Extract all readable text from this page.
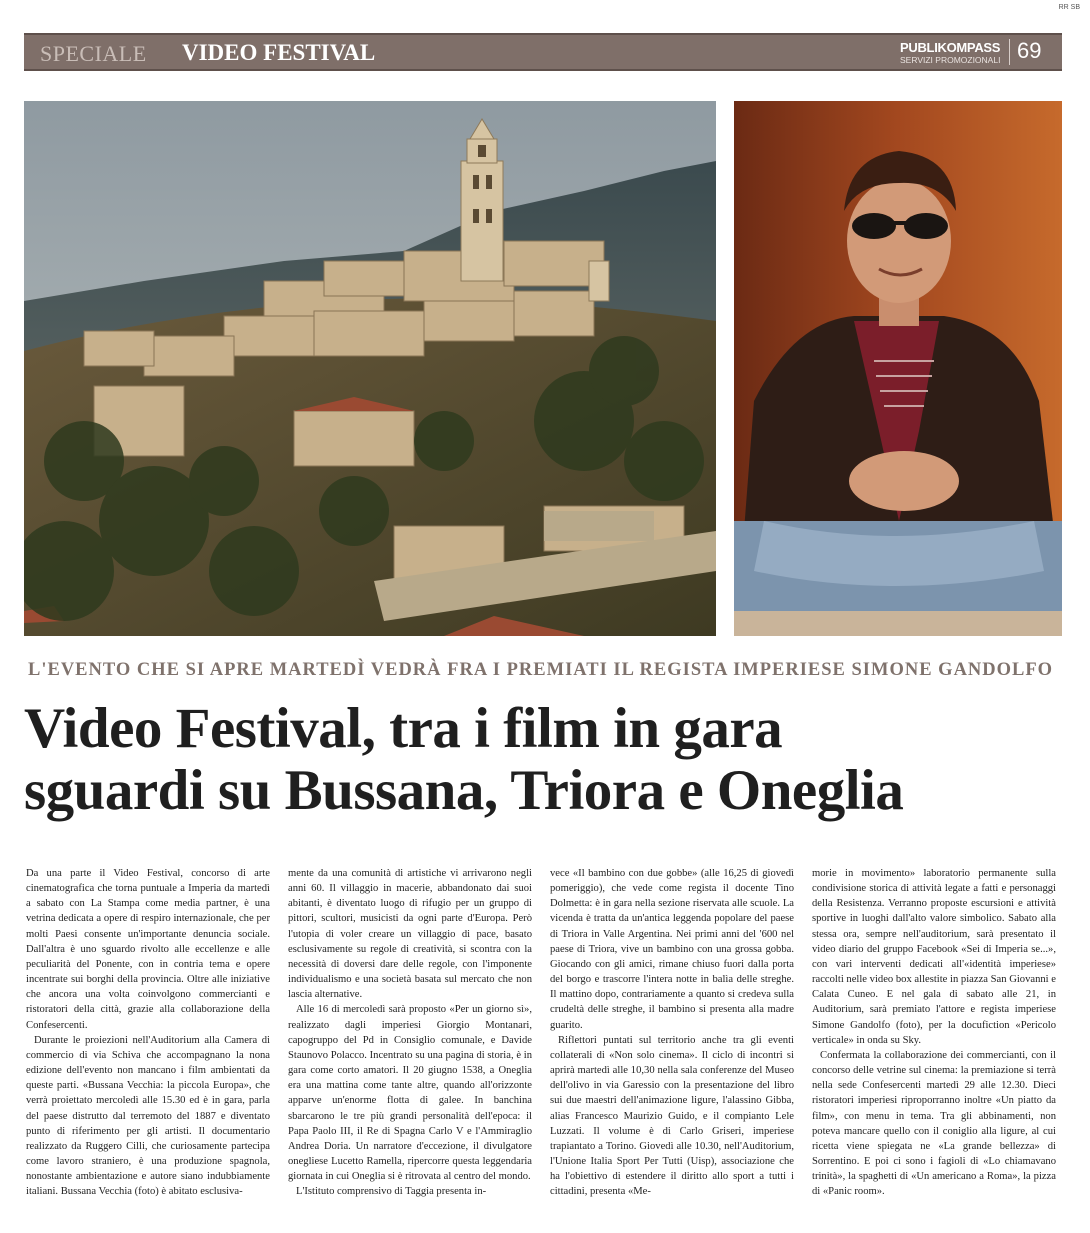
RR SB
SPECIALE VIDEO FESTIVAL	PUBLIKOMPASS
SERVIZI PROMOZIONALI 69
L'EVENTO CHE SI APRE MARTEDÌ VEDRÀ FRA I PREMIATI IL REGISTA IMPERIESE SIMONE GANDOLFO
Video Festival, tra i film in gara
sguardi su Bussana, Triora e Oneglia

Da una parte il Video Festival, concorso di arte cinematografica che torna puntuale a Imperia da martedì a sabato con La Stampa come media partner, è una vetrina dedicata a opere di respiro internazionale, che per molti Paesi consente un'importante denuncia sociale. Dall'altra è uno sguardo rivolto alle eccellenze e alle peculiarità del Ponente, con in contria tema e opere incentrate sui borghi della provincia. Oltre alle iniziative che ancora una volta coinvolgono commercianti e ristoratori della città, grazie alla collaborazione della Confesercenti.

Durante le proiezioni nell'Auditorium alla Camera di commercio di via Schiva che accompagnano la nona edizione dell'evento non mancano i film ambientati da queste parti. «Bussana Vecchia: la piccola Europa», che verrà proiettato mercoledì alle 15.30 ed è in gara, parla del paese distrutto dal terremoto del 1887 e diventato punto di riferimento per gli artisti. Il documentario realizzato da Ruggero Cilli, che curiosamente partecipa come lavoro straniero, è una produzione spagnola, nonostante ambientazione e autore siano indubbiamente italiani. Bussana Vecchia (foto) è abitato esclusiva-

mente da una comunità di artistiche vi arrivarono negli anni 60. Il villaggio in macerie, abbandonato dai suoi abitanti, è diventato luogo di rifugio per un gruppo di pittori, scultori, musicisti da ogni parte d'Europa. Però l'utopia di voler creare un villaggio di pace, basato esclusivamente su regole di creatività, si scontra con la necessità di doversi dare delle regole, con l'imponente individualismo e una società basata sul mercato che non lascia alternative.

Alle 16 di mercoledì sarà proposto «Per un giorno sì», realizzato dagli imperiesi Giorgio Montanari, capogruppo del Pd in Consiglio comunale, e Davide Staunovo Polacco. Incentrato su una pagina di storia, è in gara come corto amatori. Il 20 giugno 1538, a Oneglia era una mattina come tante altre, quando all'orizzonte apparve un'enorme flotta di galee. In banchina sbarcarono le tre più grandi personalità dell'epoca: il Papa Paolo III, il Re di Spagna Carlo V e l'Ammiraglio Andrea Doria. Un narratore d'eccezione, il divulgatore onegliese Lucetto Ramella, ripercorre questa leggendaria giornata in cui Oneglia si è ritrovata al centro del mondo.

L'Istituto comprensivo di Taggia presenta in-

vece «Il bambino con due gobbe» (alle 16,25 di giovedì pomeriggio), che vede come regista il docente Tino Dolmetta: è in gara nella sezione riservata alle scuole. La vicenda è tratta da un'antica leggenda popolare del paese di Triora in Valle Argentina. Nei primi anni del '600 nel paese di Triora, vive un bambino con una grossa gobba. Giocando con gli amici, rimane chiuso fuori dalla porta del borgo e trascorre l'intera notte in balìa delle streghe. Il mattino dopo, contrariamente a quanto si credeva sulla crudeltà delle streghe, il bambino si presenta alla madre guarito.

Riflettori puntati sul territorio anche tra gli eventi collaterali di «Non solo cinema». Il ciclo di incontri si aprirà martedì alle 10,30 nella sala conferenze del Museo dell'olivo in via Garessio con la presentazione del libro sui due maestri dell'animazione ligure, l'alassino Gibba, alias Francesco Maurizio Guido, e il compianto Lele Luzzati. Il volume è di Carlo Griseri, imperiese trapiantato a Torino. Giovedì alle 10.30, nell'Auditorium, l'Unione Italia Sport Per Tutti (Uisp), associazione che ha l'obiettivo di estendere il diritto allo sport a tutti i cittadini, presenta «Me-

morie in movimento» laboratorio permanente sulla condivisione storica di attività legate a fatti e personaggi della Resistenza. Verranno proposte escursioni e attività sportive in luoghi dall'alto valore simbolico. Sabato alla stessa ora, sempre nell'auditorium, sarà presentato il video diario del gruppo Facebook «Sei di Imperia se...», con vari interventi dedicati all'«identità imperiese» raccolti nelle video box allestite in piazza San Giovanni e Calata Cuneo. E nel gala di sabato alle 21, in Auditorium, sarà premiato l'attore e regista imperiese Simone Gandolfo (foto), per la docufiction «Pericolo verticale» in onda su Sky.

Confermata la collaborazione dei commercianti, con il concorso delle vetrine sul cinema: la premiazione si terrà nella sede Confesercenti martedì 29 alle 12.30. Dieci ristoratori imperiesi riproporranno inoltre «Un piatto da film», con menu in tema. Tra gli abbinamenti, non poteva mancare quello con il coniglio alla ligure, al cui ricetta viene spiegata ne «La grande bellezza» di Sorrentino. E poi ci sono i fagioli di «Lo chiamavano trinità», la spaghetti di «Un americano a Roma», la pizza di «Panic room».
